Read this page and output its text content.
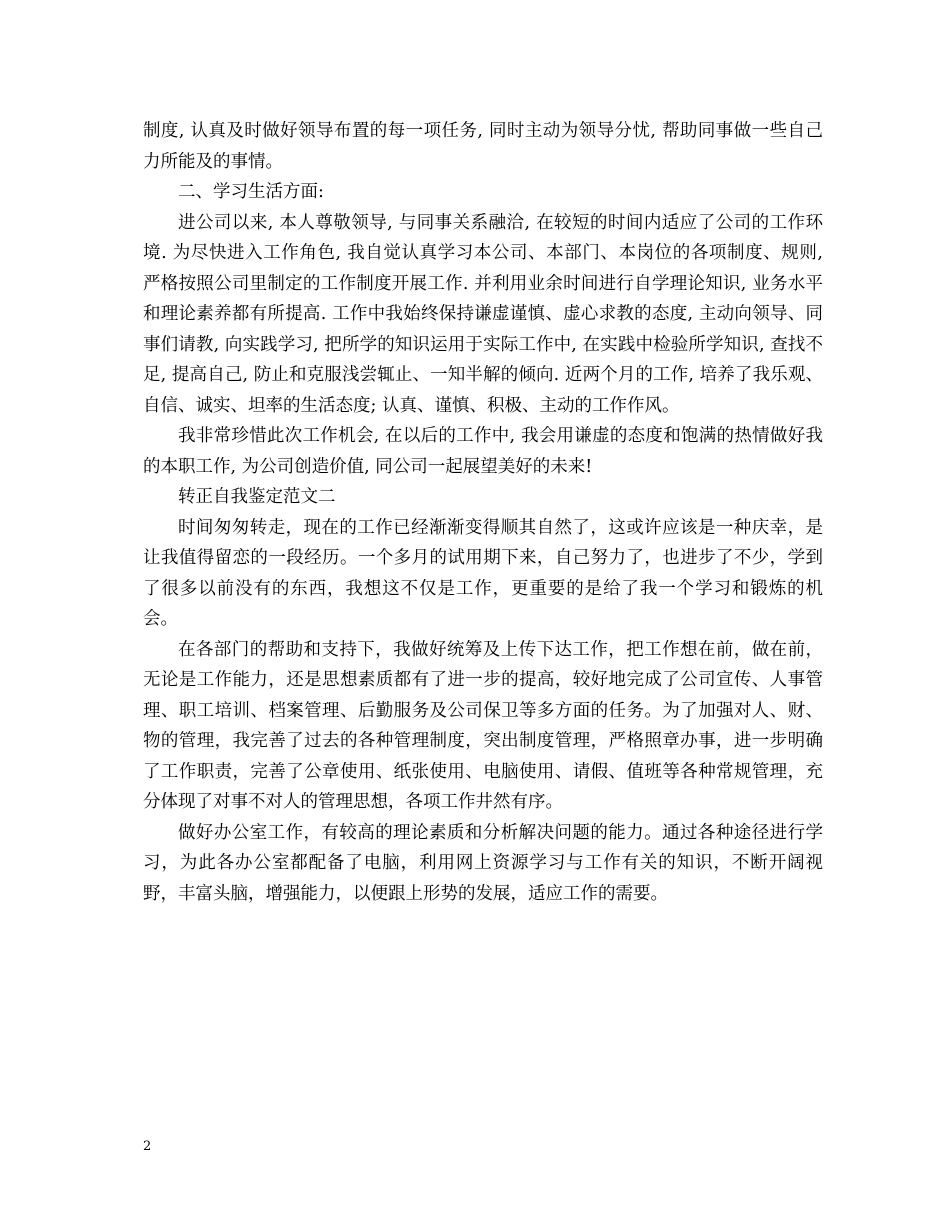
制度, 认真及时做好领导布置的每一项任务, 同时主动为领导分忧, 帮助同事做一些自己力所能及的事情。

二、学习生活方面:

进公司以来, 本人尊敬领导, 与同事关系融洽, 在较短的时间内适应了公司的工作环境. 为尽快进入工作角色, 我自觉认真学习本公司、本部门、本岗位的各项制度、规则, 严格按照公司里制定的工作制度开展工作. 并利用业余时间进行自学理论知识, 业务水平和理论素养都有所提高. 工作中我始终保持谦虚谨慎、虚心求教的态度, 主动向领导、同事们请教, 向实践学习, 把所学的知识运用于实际工作中, 在实践中检验所学知识, 查找不足, 提高自己, 防止和克服浅尝辄止、一知半解的倾向. 近两个月的工作, 培养了我乐观、自信、诚实、坦率的生活态度; 认真、谨慎、积极、主动的工作作风。

我非常珍惜此次工作机会, 在以后的工作中, 我会用谦虚的态度和饱满的热情做好我的本职工作, 为公司创造价值, 同公司一起展望美好的未来!

转正自我鉴定范文二

时间匆匆转走，现在的工作已经渐渐变得顺其自然了，这或许应该是一种庆幸，是让我值得留恋的一段经历。一个多月的试用期下来，自己努力了，也进步了不少，学到了很多以前没有的东西，我想这不仅是工作，更重要的是给了我一个学习和锻炼的机会。

在各部门的帮助和支持下，我做好统筹及上传下达工作，把工作想在前，做在前，无论是工作能力，还是思想素质都有了进一步的提高，较好地完成了公司宣传、人事管理、职工培训、档案管理、后勤服务及公司保卫等多方面的任务。为了加强对人、财、物的管理，我完善了过去的各种管理制度，突出制度管理，严格照章办事，进一步明确了工作职责，完善了公章使用、纸张使用、电脑使用、请假、值班等各种常规管理，充分体现了对事不对人的管理思想，各项工作井然有序。

做好办公室工作，有较高的理论素质和分析解决问题的能力。通过各种途径进行学习，为此各办公室都配备了电脑，利用网上资源学习与工作有关的知识，不断开阔视野，丰富头脑，增强能力，以便跟上形势的发展，适应工作的需要。

2
